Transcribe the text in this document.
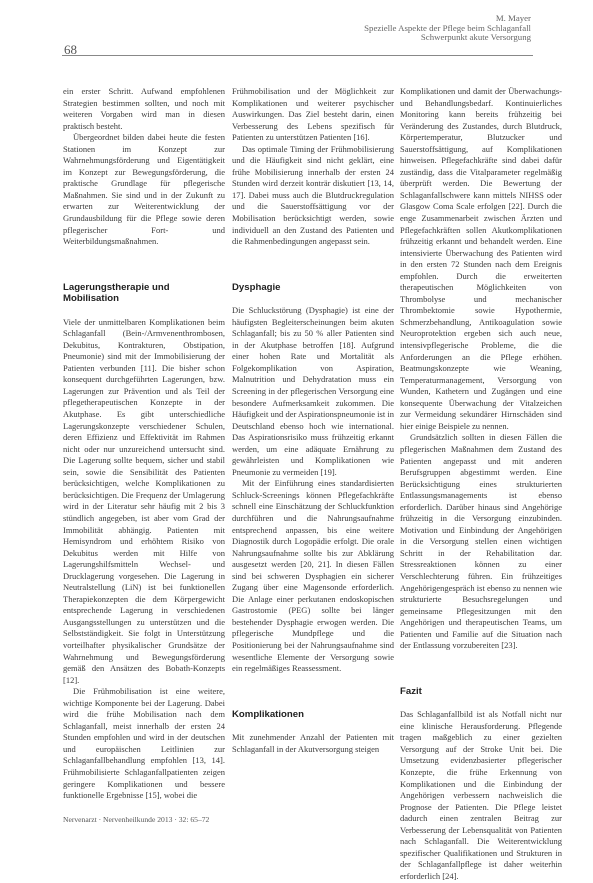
68
M. Mayer
Spezielle Aspekte der Pflege beim Schlaganfall
Schwerpunkt akute Versorgung

ein erster Schritt. Aufwand empfohlenen Strategien bestimmen sollten, und noch mit weiteren Vorgaben wird man in diesen praktisch besteht.

Übergeordnet bilden dabei heute die festen Stationen im Konzept zur Wahrnehmungsförderung und Eigentätigkeit im Konzept zur Bewegungsförderung, die praktische Grundlage für pflegerische Maßnahmen. Sie sind und in der Zukunft zu erwarten zur Weiterentwicklung der Grundausbildung für die Pflege sowie deren pflegerischer Fort- und Weiterbildungsmaßnahmen.

Lagerungstherapie und Mobilisation

Viele der unmittelbaren Komplikationen beim Schlaganfall (Bein-/Armvenenthrombosen, Dekubitus, Kontrakturen, Obstipation, Pneumonie) sind mit der Immobilisierung der Patienten verbunden [11]. Die bisher schon konsequent durchgeführten Lagerungen, bzw. Lagerungen zur Prävention und als Teil der pflegetherapeutischen Konzepte in der Akutphase. Es gibt unterschiedliche Lagerungskonzepte verschiedener Schulen, deren Effizienz und Effektivität im Rahmen nicht oder nur unzureichend untersucht sind. Die Lagerung sollte bequem, sicher und stabil sein, sowie die Sensibilität des Patienten berücksichtigen, welche Komplikationen zu berücksichtigen. Die Frequenz der Umlagerung wird in der Literatur sehr häufig mit 2 bis 3 stündlich angegeben, ist aber vom Grad der Immobilität abhängig. Patienten mit Hemisyndrom und erhöhtem Risiko von Dekubitus werden mit Hilfe von Lagerungshilfsmitteln Wechsel- und Drucklagerung vorgesehen. Die Lagerung in Neutralstellung (LiN) ist bei funktionellen Therapiekonzepten die dem Körpergewicht entsprechende Lagerung in verschiedenen Ausgangsstellungen zu unterstützen und die Selbstständigkeit. Sie folgt in Unterstützung vorteilhafter physikalischer Grundsätze der Wahrnehmung und Bewegungsförderung gemäß den Ansätzen des Bobath-Konzepts [12].

Die Frühmobilisation ist eine weitere, wichtige Komponente bei der Lagerung. Dabei wird die frühe Mobilisation nach dem Schlaganfall, meist innerhalb der ersten 24 Stunden empfohlen und wird in der deutschen und europäischen Leitlinien zur Schlaganfallbehandlung empfohlen [13, 14]. Frühmobilisierte Schlaganfallpatienten zeigen geringere Komplikationen und bessere funktionelle Ergebnisse [15], wobei die

Frühmobilisation und der Möglichkeit zur Komplikationen und weiterer psychischer Auswirkungen. Das Ziel besteht darin, einen Verbesserung des Lebens spezifisch für Patienten zu unterstützen Patienten [16].

Das optimale Timing der Frühmobilisierung und die Häufigkeit sind nicht geklärt, eine frühe Mobilisierung innerhalb der ersten 24 Stunden wird derzeit konträr diskutiert [13, 14, 17]. Dabei muss auch die Blutdruckregulation und die Sauerstoffsättigung vor der Mobilisation berücksichtigt werden, sowie individuell an den Zustand des Patienten und die Rahmenbedingungen angepasst sein.

Dysphagie

Die Schluckstörung (Dysphagie) ist eine der häufigsten Begleiterscheinungen beim akuten Schlaganfall; bis zu 50 % aller Patienten sind in der Akutphase betroffen [18]. Aufgrund einer hohen Rate und Mortalität als Folgekomplikation von Aspiration, Malnutrition und Dehydratation muss ein Screening in der pflegerischen Versorgung eine besondere Aufmerksamkeit zukommen. Die Häufigkeit und der Aspirationspneumonie ist in Deutschland ebenso hoch wie international. Das Aspirationsrisiko muss frühzeitig erkannt werden, um eine adäquate Ernährung zu gewährleisten und Komplikationen wie Pneumonie zu vermeiden [19].

Mit der Einführung eines standardisierten Schluck-Screenings können Pflegefachkräfte schnell eine Einschätzung der Schluckfunktion durchführen und die Nahrungsaufnahme entsprechend anpassen, bis eine weitere Diagnostik durch Logopädie erfolgt. Die orale Nahrungsaufnahme sollte bis zur Abklärung ausgesetzt werden [20, 21]. In diesen Fällen sind bei schweren Dysphagien ein sicherer Zugang über eine Magensonde erforderlich. Die Anlage einer perkutanen endoskopischen Gastrostomie (PEG) sollte bei länger bestehender Dysphagie erwogen werden. Die pflegerische Mundpflege und die Positionierung bei der Nahrungsaufnahme sind wesentliche Elemente der Versorgung sowie ein regelmäßiges Reassessment.

Komplikationen

Mit zunehmender Anzahl der Patienten mit Schlaganfall in der Akutversorgung steigen

Komplikationen und damit der Überwachungs- und Behandlungsbedarf. Kontinuierliches Monitoring kann bereits frühzeitig bei Veränderung des Zustandes, durch Blutdruck, Körpertemperatur, Blutzucker und Sauerstoffsättigung, auf Komplikationen hinweisen. Pflegefachkräfte sind dabei dafür zuständig, dass die Vitalparameter regelmäßig überprüft werden. Die Bewertung der Schlaganfallschwere kann mittels NIHSS oder Glasgow Coma Scale erfolgen [22]. Durch die enge Zusammenarbeit zwischen Ärzten und Pflegefachkräften sollen Akutkomplikationen frühzeitig erkannt und behandelt werden. Eine intensivierte Überwachung des Patienten wird in den ersten 72 Stunden nach dem Ereignis empfohlen. Durch die erweiterten therapeutischen Möglichkeiten von Thrombolyse und mechanischer Thrombektomie sowie Hypothermie, Schmerzbehandlung, Antikoagulation sowie Neuroprotektion ergeben sich auch neue, intensivpflegerische Probleme, die die Anforderungen an die Pflege erhöhen. Beatmungskonzepte wie Weaning, Temperaturmanagement, Versorgung von Wunden, Kathetern und Zugängen und eine konsequente Überwachung der Vitalzeichen zur Vermeidung sekundärer Hirnschäden sind hier einige Beispiele zu nennen.

Grundsätzlich sollten in diesen Fällen die pflegerischen Maßnahmen dem Zustand des Patienten angepasst und mit anderen Berufsgruppen abgestimmt werden. Eine Berücksichtigung eines strukturierten Entlassungsmanagements ist ebenso erforderlich. Darüber hinaus sind Angehörige frühzeitig in die Versorgung einzubinden. Motivation und Einbindung der Angehörigen in die Versorgung stellen einen wichtigen Schritt in der Rehabilitation dar. Stressreaktionen können zu einer Verschlechterung führen. Ein frühzeitiges Angehörigengespräch ist ebenso zu nennen wie strukturierte Besuchsregelungen und gemeinsame Pflegesitzungen mit den Angehörigen und therapeutischen Teams, um Patienten und Familie auf die Situation nach der Entlassung vorzubereiten [23].

Fazit

Das Schlaganfallbild ist als Notfall nicht nur eine klinische Herausforderung. Pflegende tragen maßgeblich zu einer gezielten Versorgung auf der Stroke Unit bei. Die Umsetzung evidenzbasierter pflegerischer Konzepte, die frühe Erkennung von Komplikationen und die Einbindung der Angehörigen verbessern nachweislich die Prognose der Patienten. Die Pflege leistet dadurch einen zentralen Beitrag zur Verbesserung der Lebensqualität von Patienten nach Schlaganfall. Die Weiterentwicklung spezifischer Qualifikationen und Strukturen in der Schlaganfallpflege ist daher weiterhin erforderlich [24].

Nervenarzt · Nervenheilkunde 2013 · 32: 65–72
